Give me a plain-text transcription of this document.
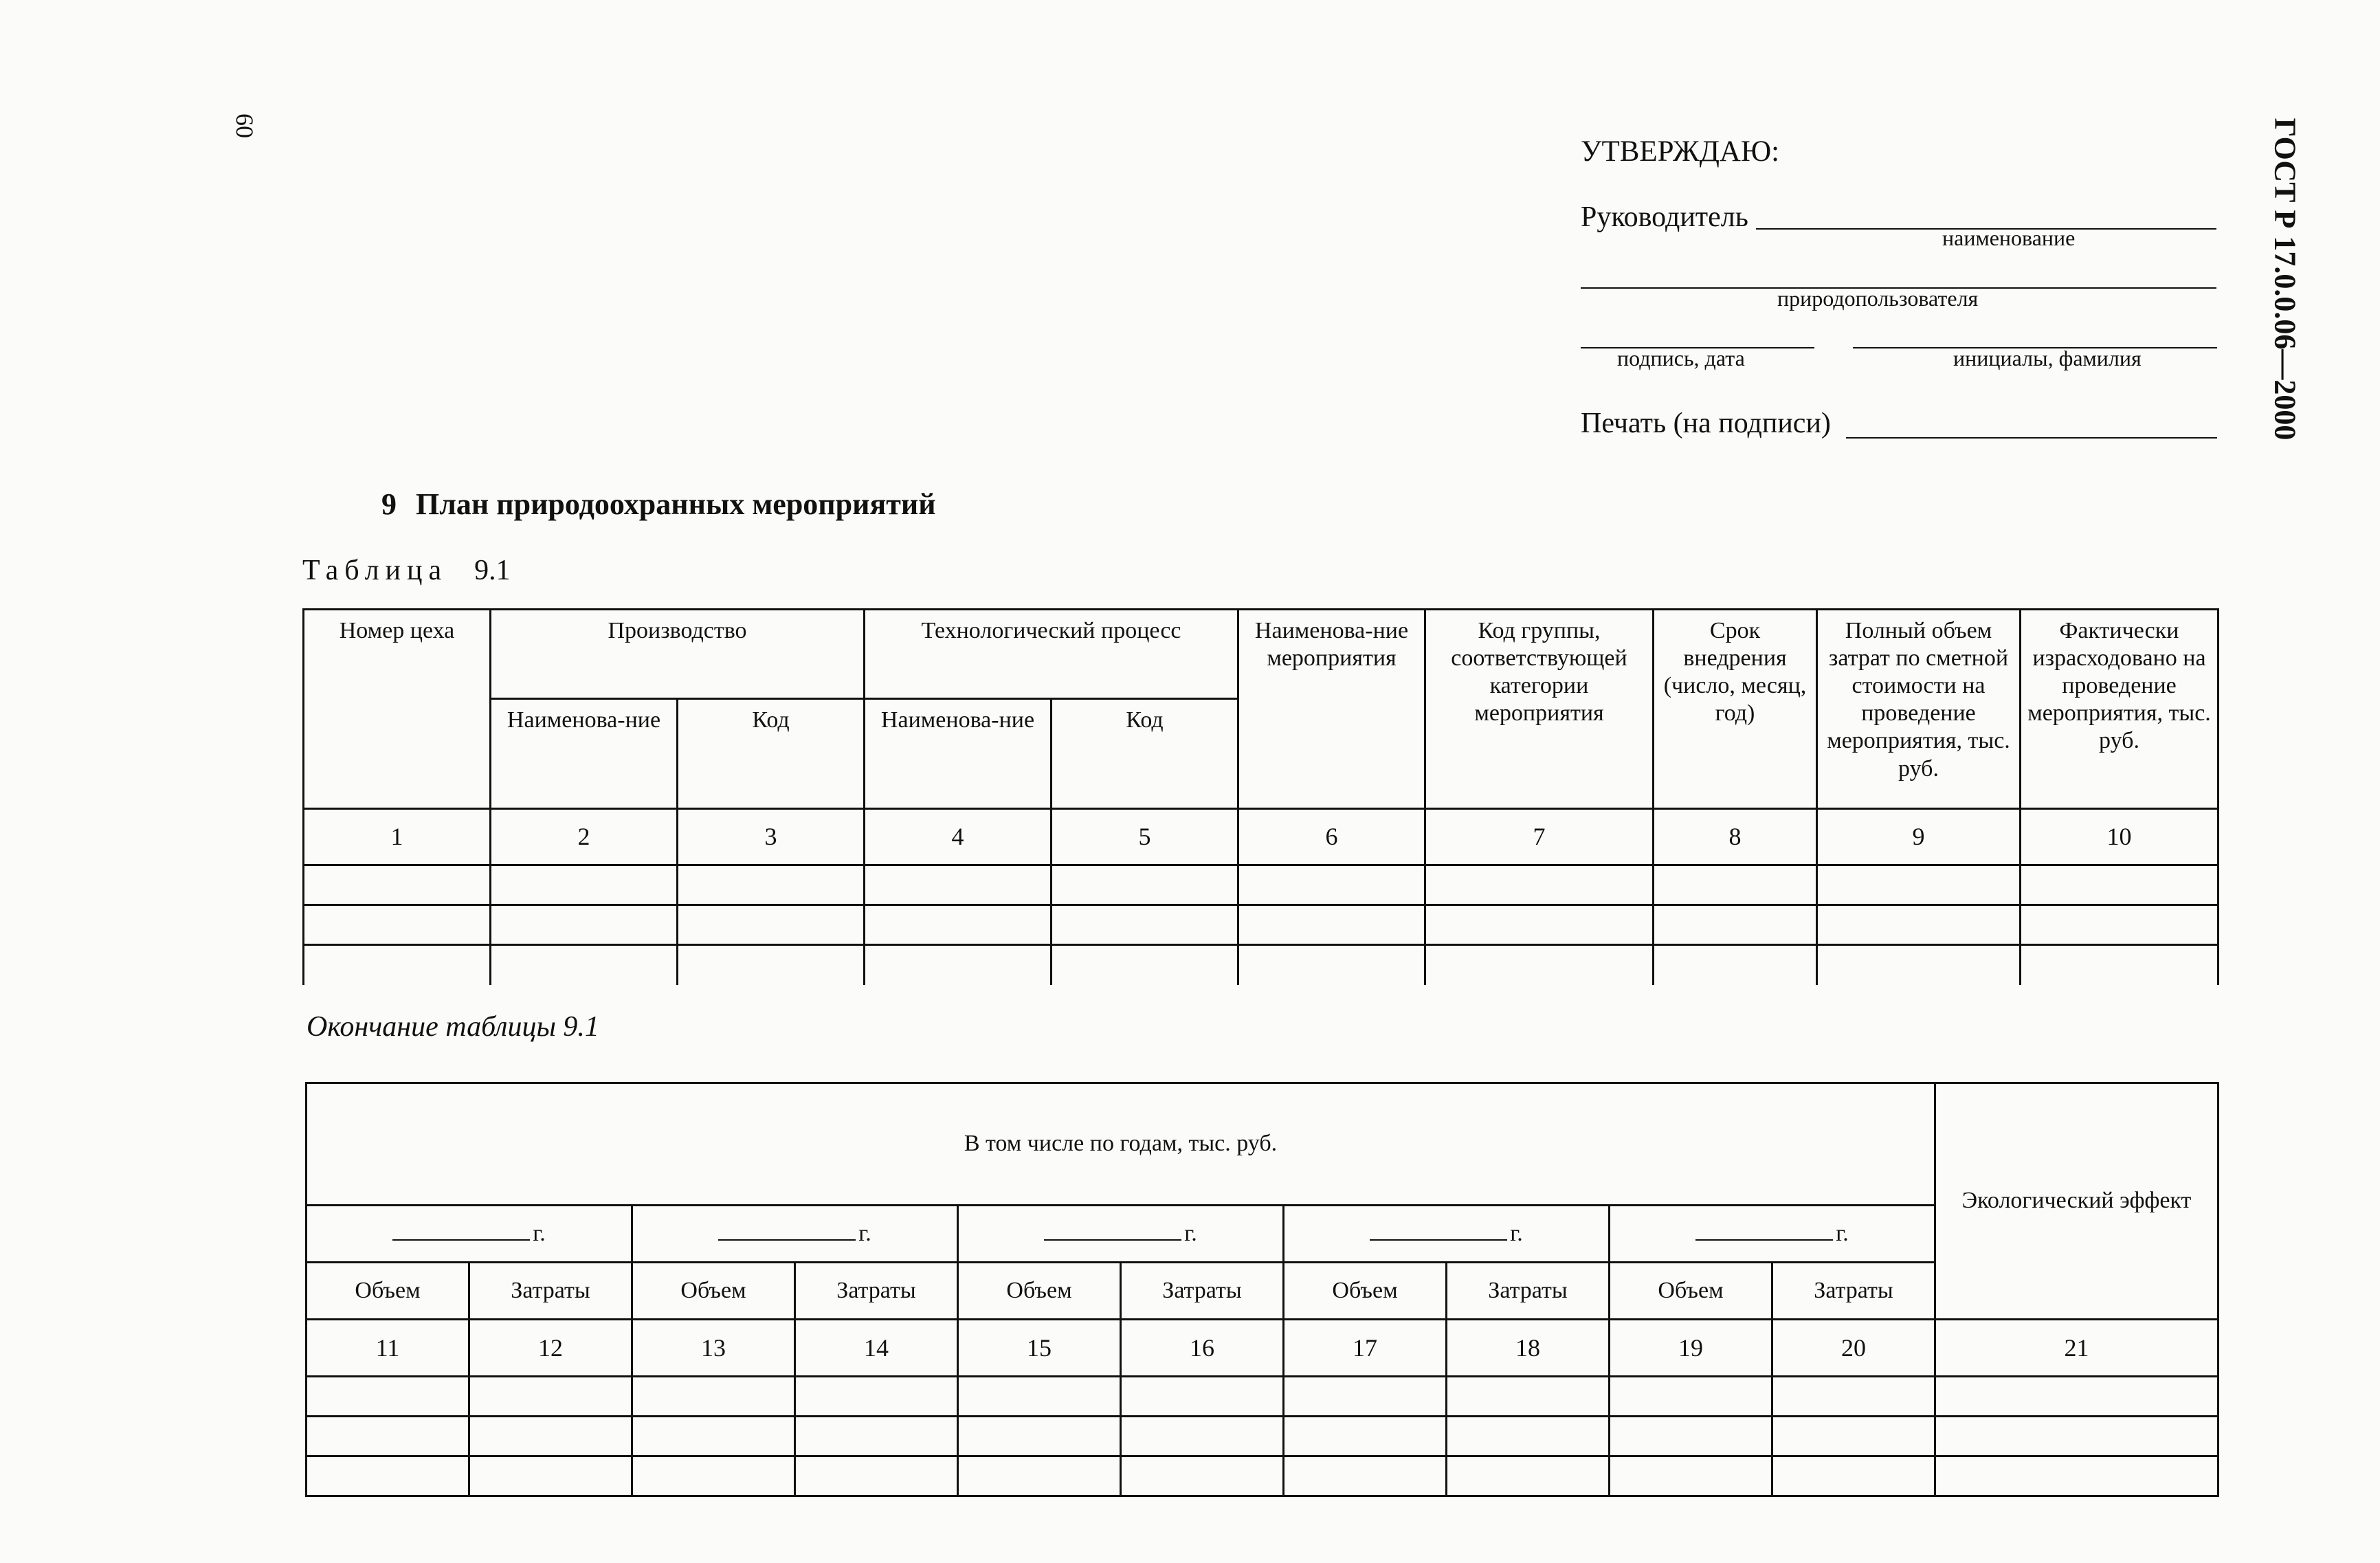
60	ГОСТ Р 17.0.0.06—2000
УТВЕРЖДАЮ:
Руководитель
наименование
природопользователя
подпись, дата	инициалы, фамилия
Печать (на подписи)
9 План природоохранных мероприятий
Таблица 9.1
Номер цеха	Производство		Технологический процесс		Наименова-ние мероприятия	Код группы, соответствующей категории мероприятия	Срок внедрения (число, месяц, год)	Полный объем затрат по сметной стоимости на проведение мероприятия, тыс. руб.	Фактически израсходовано на проведение мероприятия, тыс. руб.
	Наименова-ние	Код	Наименова-ние	Код					
1	2	3	4	5	6	7	8	9	10

Окончание таблицы 9.1
В том числе по годам, тыс. руб.										Экологический эффект
г.		г.		г.		г.		г.		
Объем	Затраты	Объем	Затраты	Объем	Затраты	Объем	Затраты	Объем	Затраты	
11	12	13	14	15	16	17	18	19	20	21
